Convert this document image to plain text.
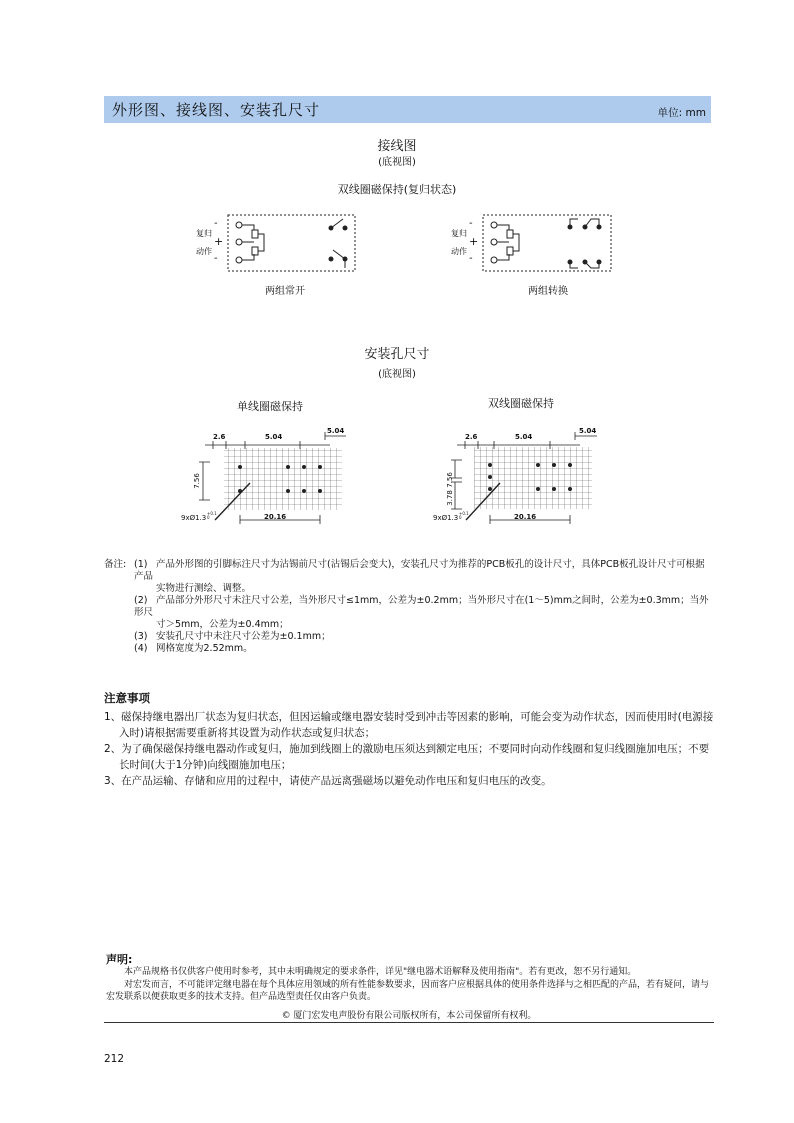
外形图、接线图、安装孔尺寸	单位: mm
接线图
(底视图)
双线圈磁保持(复归状态)
-
复归
+
动作
-
-
复归
+
动作
-
两组常开	两组转换
安装孔尺寸
(底视图)
单线圈磁保持	双线圈磁保持
2.6	5.04
5.04
7.56
20.16
9xØ1.3
+0.1
0
2.6	5.04
5.04
7.56
3.78
20.16
9xØ1.3
+0.1
0
备注: (1) 产品外形图的引脚标注尺寸为沾锡前尺寸(沾锡后会变大)，安装孔尺寸为推荐的PCB板孔的设计尺寸，具体PCB板孔设计尺寸可根据产品
实物进行测绘、调整。
(2) 产品部分外形尺寸未注尺寸公差，当外形尺寸≤1mm，公差为±0.2mm；当外形尺寸在(1～5)mm之间时，公差为±0.3mm；当外形尺
寸＞5mm，公差为±0.4mm；
(3) 安装孔尺寸中未注尺寸公差为±0.1mm；
(4) 网格宽度为2.52mm。
注意事项
1、磁保持继电器出厂状态为复归状态，但因运输或继电器安装时受到冲击等因素的影响，可能会变为动作状态，因而使用时(电源接入时)请根据需要重新将其设置为动作状态或复归状态；
2、为了确保磁保持继电器动作或复归，施加到线圈上的激励电压须达到额定电压；不要同时向动作线圈和复归线圈施加电压；不要长时间(大于1分钟)向线圈施加电压；
3、在产品运输、存储和应用的过程中，请使产品远离强磁场以避免动作电压和复归电压的改变。
声明:

本产品规格书仅供客户使用时参考，其中未明确规定的要求条件，详见"继电器术语解释及使用指南"。若有更改，恕不另行通知。

对宏发而言，不可能评定继电器在每个具体应用领域的所有性能参数要求，因而客户应根据具体的使用条件选择与之相匹配的产品，若有疑问，请与宏发联系以便获取更多的技术支持。但产品选型责任仅由客户负责。

© 厦门宏发电声股份有限公司版权所有，本公司保留所有权利。
212
